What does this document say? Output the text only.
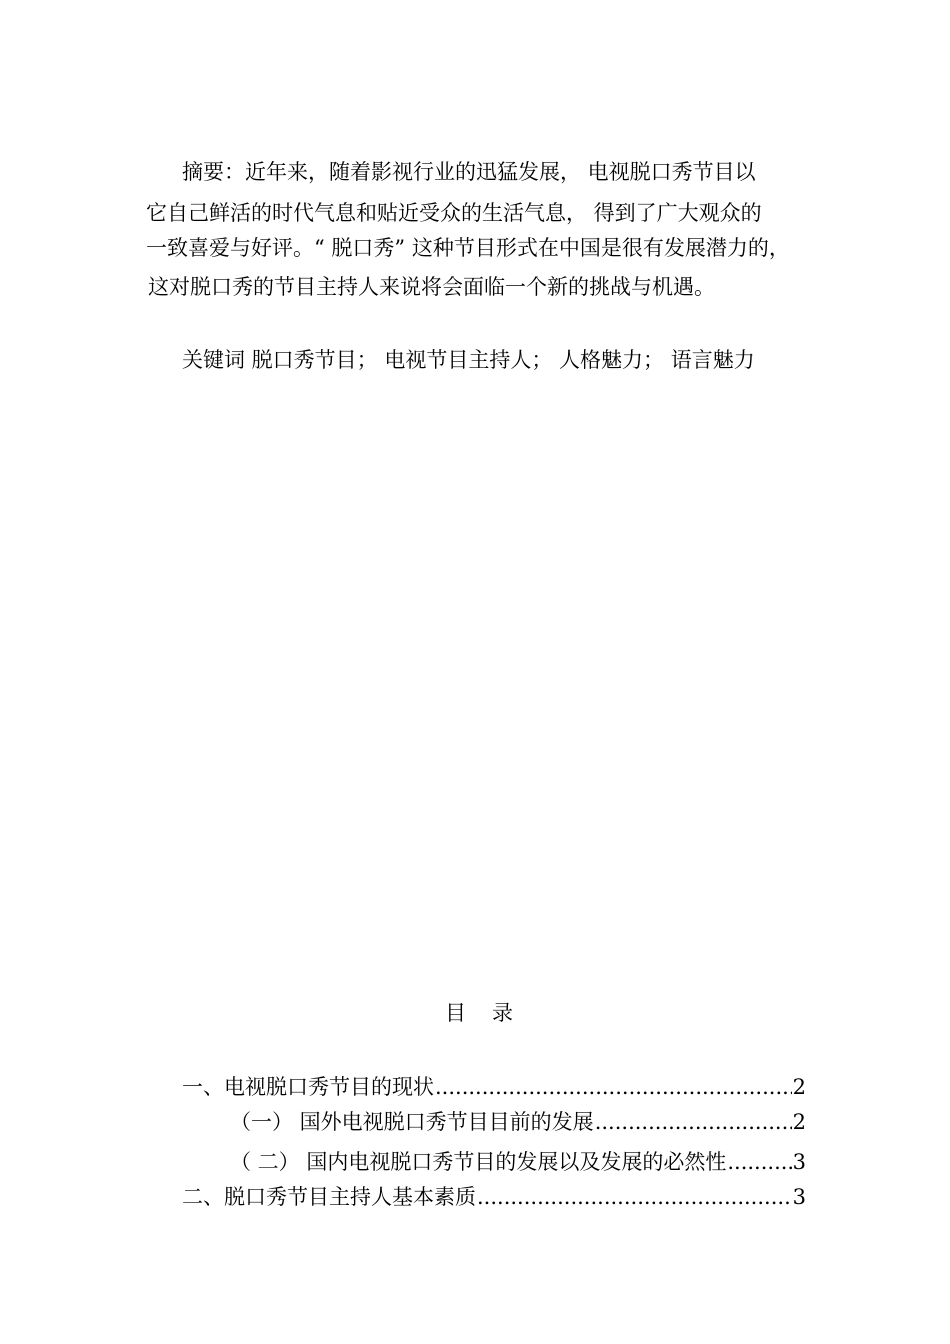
摘要：近年来，随着影视行业的迅猛发展， 电视脱口秀节目以
它自己鲜活的时代气息和贴近受众的生活气息， 得到了广大观众的
一致喜爱与好评。“ 脱口秀” 这种节目形式在中国是很有发展潜力的，
这对脱口秀的节目主持人来说将会面临一个新的挑战与机遇。
关键词 脱口秀节目； 电视节目主持人； 人格魅力； 语言魅力
目录
一、电视脱口秀节目的现状 .....	2
（一） 国外电视脱口秀节目目前的发展 .....	2
（ 二） 国内电视脱口秀节目的发展以及发展的必然性 .....	3
二、脱口秀节目主持人基本素质 .....	3
